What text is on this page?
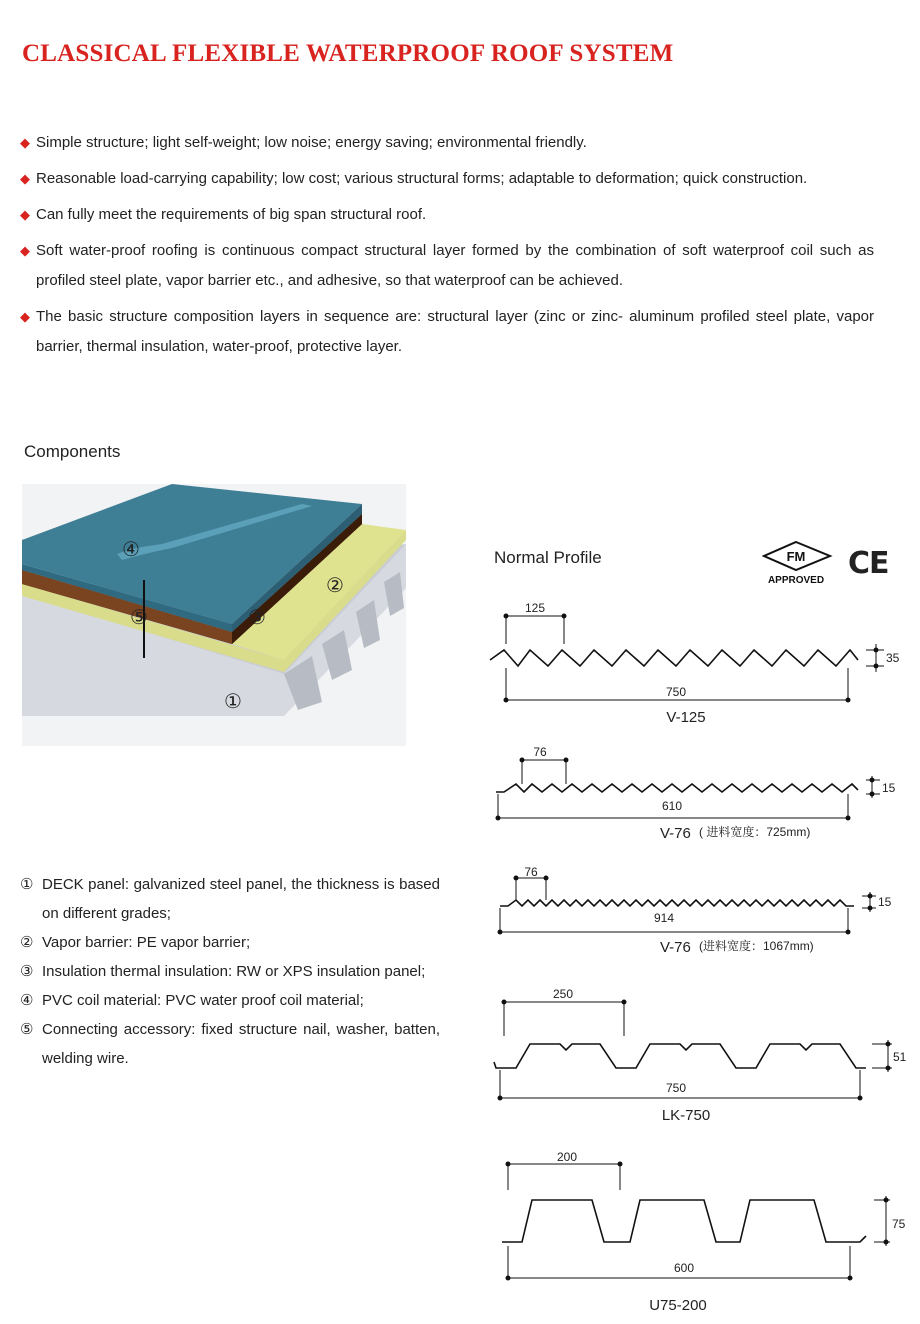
CLASSICAL FLEXIBLE WATERPROOF ROOF SYSTEM
◆ Simple structure; light self-weight; low noise; energy saving; environmental friendly.
◆ Reasonable load-carrying capability; low cost; various structural forms; adaptable to deformation; quick construction.
◆ Can fully meet the requirements of big span structural roof.
◆ Soft water-proof roofing is continuous compact structural layer formed by the combination of soft waterproof coil such as profiled steel plate, vapor barrier etc., and adhesive, so that waterproof can be achieved.
◆ The basic structure composition layers in sequence are: structural layer (zinc or zinc- aluminum profiled steel plate, vapor barrier, thermal insulation, water-proof, protective layer.
Components
④
⑤	③
②
①
Normal Profile	FM
APPROVED CE
125
750
35
V-125
76
610
15
V-76 ( 进料宽度：725mm)
76
914
15
V-76 (进料宽度：1067mm)
250
750
51
LK-750
200
600
75
U75-200
① DECK panel: galvanized steel panel, the thickness is based on different grades;
② Vapor barrier: PE vapor barrier;
③ Insulation thermal insulation: RW or XPS insulation panel;
④ PVC coil material: PVC water proof coil material;
⑤ Connecting accessory: fixed structure nail, washer, batten, welding wire.
